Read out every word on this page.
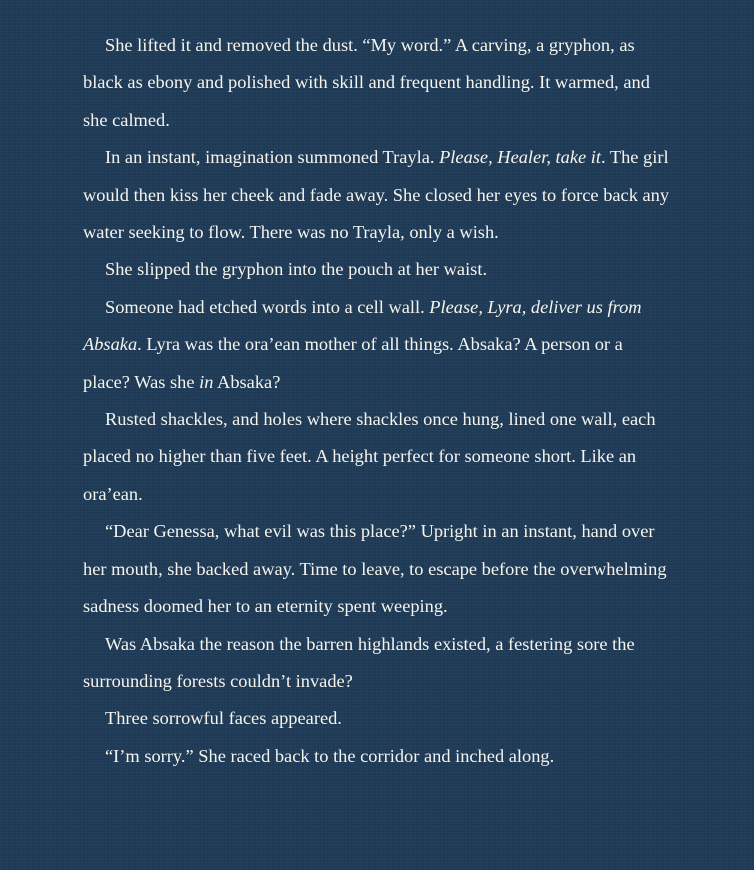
She lifted it and removed the dust. “My word.” A carving, a gryphon, as black as ebony and polished with skill and frequent handling. It warmed, and she calmed.

In an instant, imagination summoned Trayla. Please, Healer, take it. The girl would then kiss her cheek and fade away. She closed her eyes to force back any water seeking to flow. There was no Trayla, only a wish.

She slipped the gryphon into the pouch at her waist.

Someone had etched words into a cell wall. Please, Lyra, deliver us from Absaka. Lyra was the ora’ean mother of all things. Absaka? A person or a place? Was she in Absaka?

Rusted shackles, and holes where shackles once hung, lined one wall, each placed no higher than five feet. A height perfect for someone short. Like an ora’ean.

“Dear Genessa, what evil was this place?” Upright in an instant, hand over her mouth, she backed away. Time to leave, to escape before the overwhelming sadness doomed her to an eternity spent weeping.

Was Absaka the reason the barren highlands existed, a festering sore the surrounding forests couldn’t invade?

Three sorrowful faces appeared.

“I’m sorry.” She raced back to the corridor and inched along.
